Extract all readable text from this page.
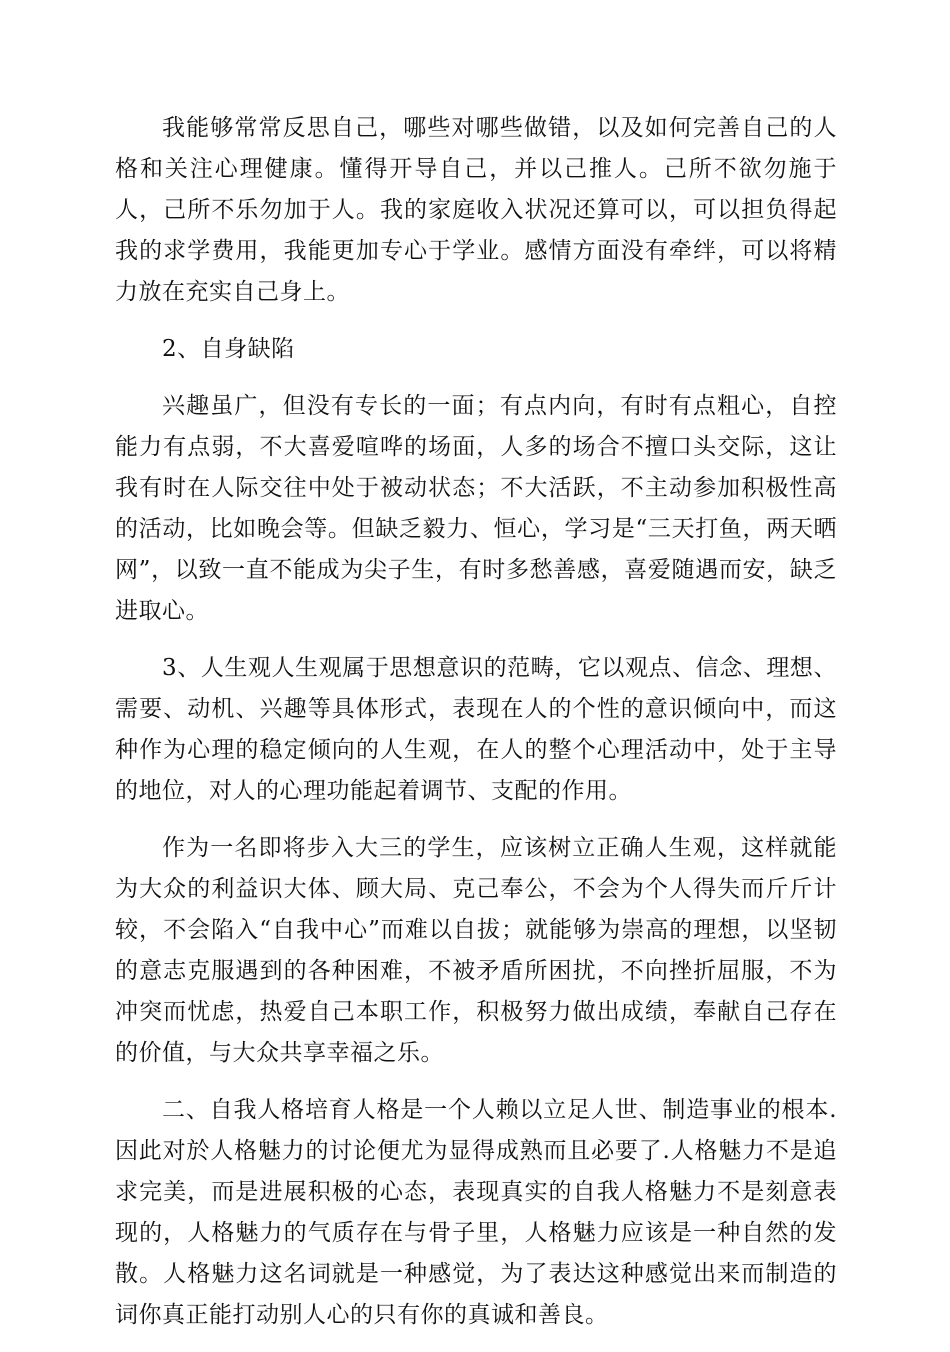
我能够常常反思自己，哪些对哪些做错，以及如何完善自己的人格和关注心理健康。懂得开导自己，并以己推人。己所不欲勿施于人，己所不乐勿加于人。我的家庭收入状况还算可以，可以担负得起我的求学费用，我能更加专心于学业。感情方面没有牵绊，可以将精力放在充实自己身上。

2、自身缺陷

兴趣虽广，但没有专长的一面；有点内向，有时有点粗心，自控能力有点弱，不大喜爱喧哗的场面，人多的场合不擅口头交际，这让我有时在人际交往中处于被动状态；不大活跃，不主动参加积极性高的活动，比如晚会等。但缺乏毅力、恒心，学习是“三天打鱼，两天晒网”，以致一直不能成为尖子生，有时多愁善感，喜爱随遇而安，缺乏进取心。

3、人生观人生观属于思想意识的范畴，它以观点、信念、理想、需要、动机、兴趣等具体形式，表现在人的个性的意识倾向中，而这种作为心理的稳定倾向的人生观，在人的整个心理活动中，处于主导的地位，对人的心理功能起着调节、支配的作用。

作为一名即将步入大三的学生，应该树立正确人生观，这样就能为大众的利益识大体、顾大局、克己奉公，不会为个人得失而斤斤计较，不会陷入“自我中心”而难以自拔；就能够为崇高的理想，以坚韧的意志克服遇到的各种困难，不被矛盾所困扰，不向挫折屈服，不为冲突而忧虑，热爱自己本职工作，积极努力做出成绩，奉献自己存在的价值，与大众共享幸福之乐。

二、自我人格培育人格是一个人赖以立足人世、制造事业的根本.因此对於人格魅力的讨论便尤为显得成熟而且必要了.人格魅力不是追求完美，而是进展积极的心态，表现真实的自我人格魅力不是刻意表现的，人格魅力的气质存在与骨子里，人格魅力应该是一种自然的发散。人格魅力这名词就是一种感觉，为了表达这种感觉出来而制造的词你真正能打动别人心的只有你的真诚和善良。
